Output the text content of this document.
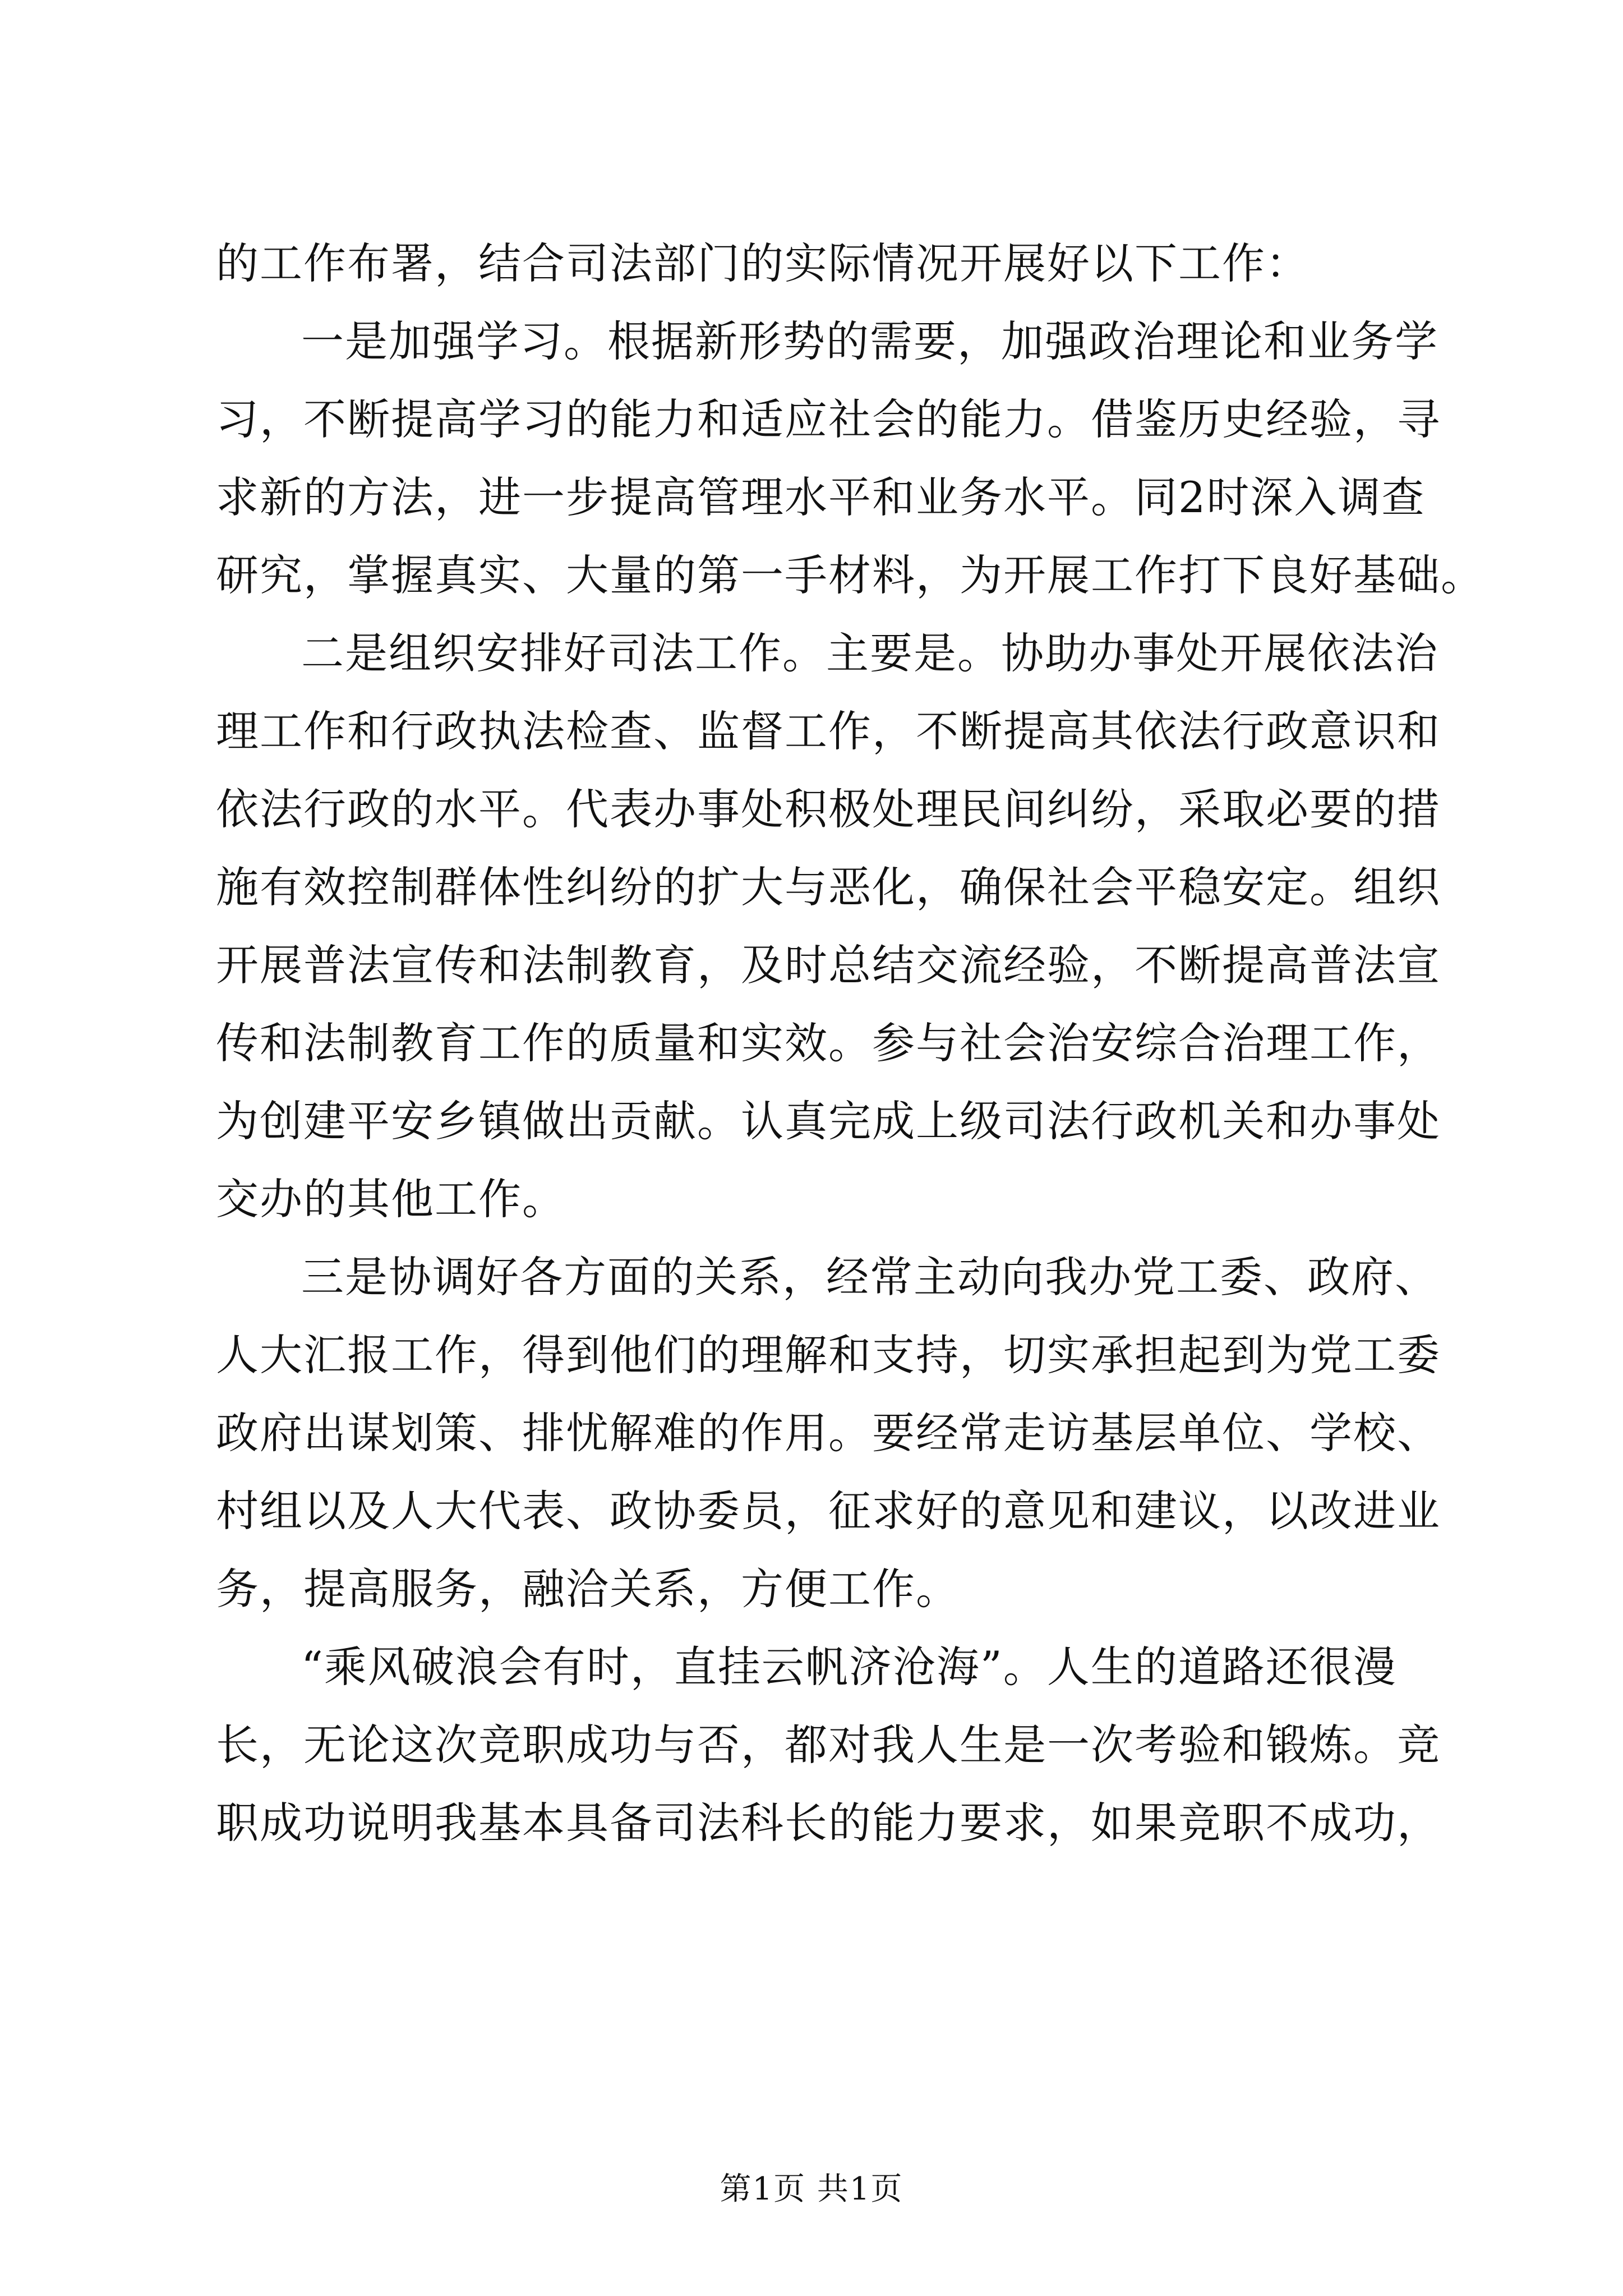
的工作布署，结合司法部门的实际情况开展好以下工作：
一是加强学习。根据新形势的需要，加强政治理论和业务学
习，不断提高学习的能力和适应社会的能力。借鉴历史经验，寻
求新的方法，进一步提高管理水平和业务水平。同2时深入调查
研究，掌握真实、大量的第一手材料，为开展工作打下良好基础。
二是组织安排好司法工作。主要是。协助办事处开展依法治
理工作和行政执法检查、监督工作，不断提高其依法行政意识和
依法行政的水平。代表办事处积极处理民间纠纷，采取必要的措
施有效控制群体性纠纷的扩大与恶化，确保社会平稳安定。组织
开展普法宣传和法制教育，及时总结交流经验，不断提高普法宣
传和法制教育工作的质量和实效。参与社会治安综合治理工作，
为创建平安乡镇做出贡献。认真完成上级司法行政机关和办事处
交办的其他工作。
三是协调好各方面的关系，经常主动向我办党工委、政府、
人大汇报工作，得到他们的理解和支持，切实承担起到为党工委
政府出谋划策、排忧解难的作用。要经常走访基层单位、学校、
村组以及人大代表、政协委员，征求好的意见和建议，以改进业
务，提高服务，融洽关系，方便工作。
“乘风破浪会有时，直挂云帆济沧海”。人生的道路还很漫
长，无论这次竞职成功与否，都对我人生是一次考验和锻炼。竞
职成功说明我基本具备司法科长的能力要求，如果竞职不成功，
第1页 共1页
